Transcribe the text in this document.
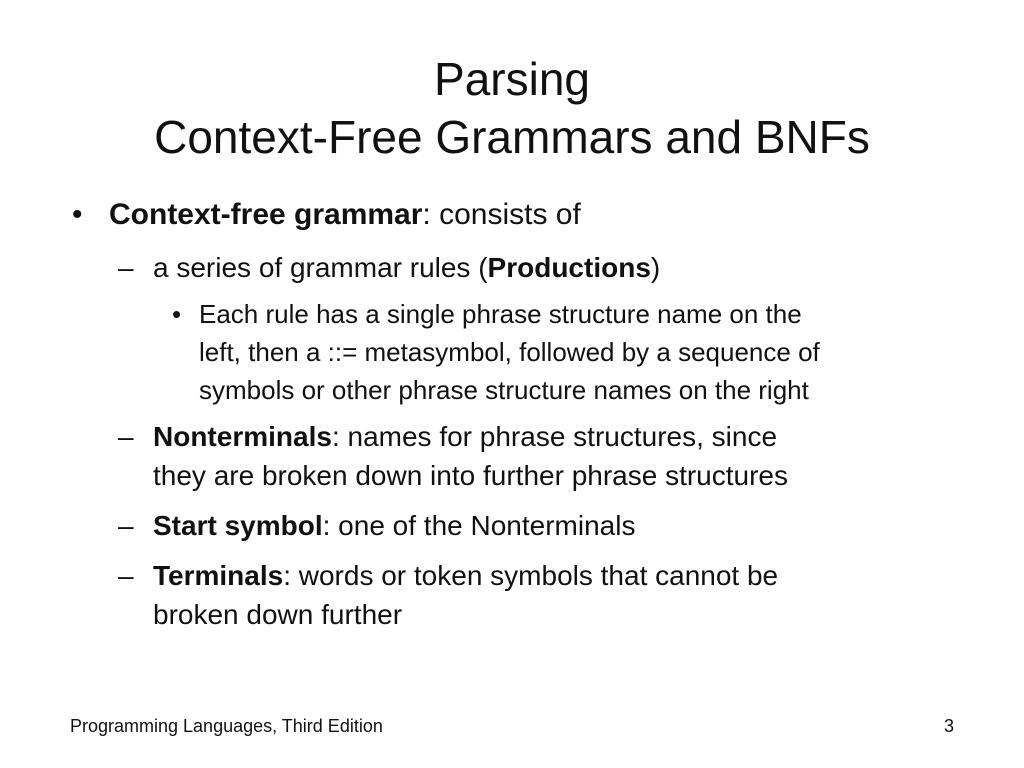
Parsing
Context-Free Grammars and BNFs
• Context-free grammar: consists of
– a series of grammar rules (Productions)
• Each rule has a single phrase structure name on the
left, then a ::= metasymbol, followed by a sequence of
symbols or other phrase structure names on the right
– Nonterminals: names for phrase structures, since
they are broken down into further phrase structures
– Start symbol: one of the Nonterminals
– Terminals: words or token symbols that cannot be
broken down further
Programming Languages, Third Edition	3
